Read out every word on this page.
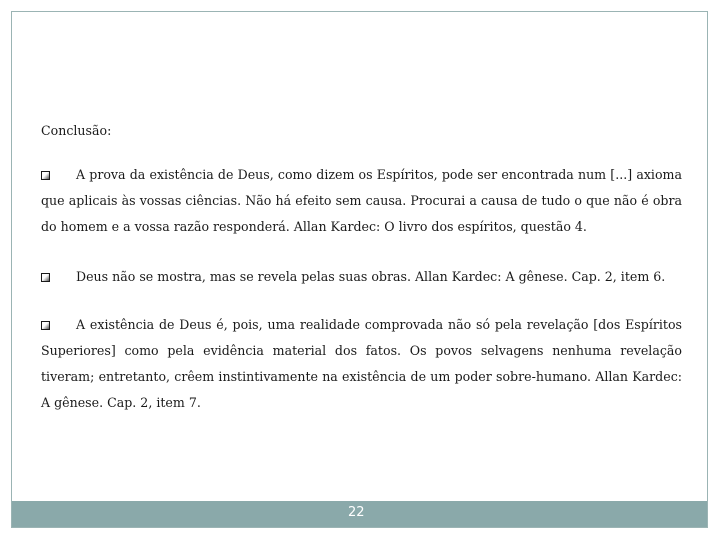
Conclusão:

A prova da existência de Deus, como dizem os Espíritos, pode ser encontrada num [...] axioma que aplicais às vossas ciências. Não há efeito sem causa. Procurai a causa de tudo o que não é obra do homem e a vossa razão responderá. Allan Kardec: O livro dos espíritos, questão 4.

Deus não se mostra, mas se revela pelas suas obras. Allan Kardec: A gênese. Cap. 2, item 6.

A existência de Deus é, pois, uma realidade comprovada não só pela revelação [dos Espíritos Superiores] como pela evidência material dos fatos. Os povos selvagens nenhuma revelação tiveram; entretanto, crêem instintivamente na existência de um poder sobre-humano. Allan Kardec: A gênese. Cap. 2, item 7.

22
